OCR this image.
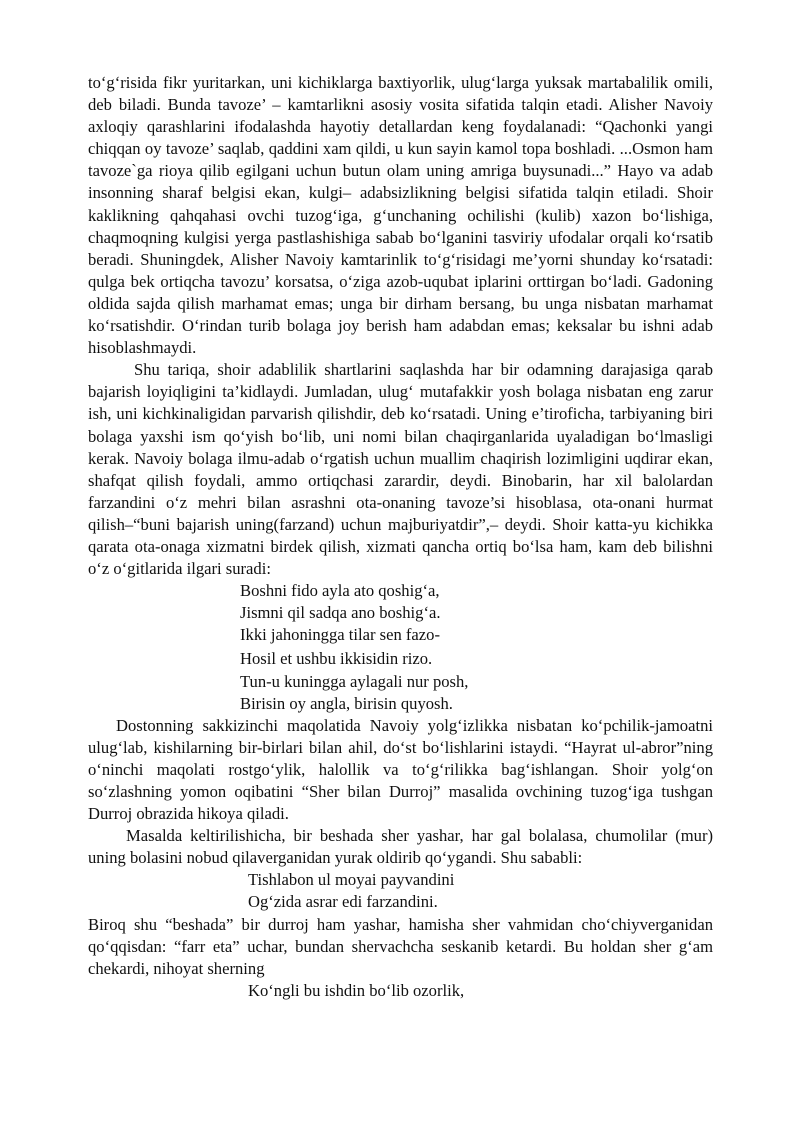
to‘g‘risida fikr yuritarkan, uni kichiklarga baxtiyorlik, ulug‘larga yuksak martabalilik omili, deb biladi. Bunda tavoze’ – kamtarlikni asosiy vosita sifatida talqin etadi. Alisher Navoiy axloqiy qarashlarini ifodalashda hayotiy detallardan keng foydalanadi: “Qachonki yangi chiqqan oy tavoze’ saqlab, qaddini xam qildi, u kun sayin kamol topa boshladi. ...Osmon ham tavoze`ga rioya qilib egilgani uchun butun olam uning amriga buysunadi...” Hayo va adab insonning sharaf belgisi ekan, kulgi– adabsizlikning belgisi sifatida talqin etiladi. Shoir kaklikning qahqahasi ovchi tuzog‘iga, g‘unchaning ochilishi (kulib) xazon bo‘lishiga, chaqmoqning kulgisi yerga pastlashishiga sabab bo‘lganini tasviriy ufodalar orqali ko‘rsatib beradi. Shuningdek, Alisher Navoiy kamtarinlik to‘g‘risidagi me’yorni shunday ko‘rsatadi: qulga bek ortiqcha tavozu’ korsatsa, o‘ziga azob-uqubat iplarini orttirgan bo‘ladi. Gadoning oldida sajda qilish marhamat emas; unga bir dirham bersang, bu unga nisbatan marhamat ko‘rsatishdir. O‘rindan turib bolaga joy berish ham adabdan emas; keksalar bu ishni adab hisoblashmaydi.

Shu tariqa, shoir adablilik shartlarini saqlashda har bir odamning darajasiga qarab bajarish loyiqligini ta’kidlaydi. Jumladan, ulug‘ mutafakkir yosh bolaga nisbatan eng zarur ish, uni kichkinaligidan parvarish qilishdir, deb ko‘rsatadi. Uning e’tiroficha, tarbiyaning biri bolaga yaxshi ism qo‘yish bo‘lib, uni nomi bilan chaqirganlarida uyaladigan bo‘lmasligi kerak. Navoiy bolaga ilmu-adab o‘rgatish uchun muallim chaqirish lozimligini uqdirar ekan, shafqat qilish foydali, ammo ortiqchasi zarardir, deydi. Binobarin, har xil balolardan farzandini o‘z mehri bilan asrashni ota-onaning tavoze’si hisoblasa, ota-onani hurmat qilish–“buni bajarish uning(farzand) uchun majburiyatdir”,– deydi. Shoir katta-yu kichikka qarata ota-onaga xizmatni birdek qilish, xizmati qancha ortiq bo‘lsa ham, kam deb bilishni o‘z o‘gitlarida ilgari suradi:

Boshni fido ayla ato qoshig‘a,
Jismni qil sadqa ano boshig‘a.
Ikki jahoningga tilar sen fazo-
Hosil et ushbu ikkisidin rizo.
Tun-u kuningga aylagali nur posh,
Birisin oy angla, birisin quyosh.

Dostonning sakkizinchi maqolatida Navoiy yolg‘izlikka nisbatan ko‘pchilik-jamoatni ulug‘lab, kishilarning bir-birlari bilan ahil, do‘st bo‘lishlarini istaydi. “Hayrat ul-abror”ning o‘ninchi maqolati rostgo‘ylik, halollik va to‘g‘rilikka bag‘ishlangan. Shoir yolg‘on so‘zlashning yomon oqibatini “Sher bilan Durroj” masalida ovchining tuzog‘iga tushgan Durroj obrazida hikoya qiladi.

Masalda keltirilishicha, bir beshada sher yashar, har gal bolalasa, chumolilar (mur) uning bolasini nobud qilaverganidan yurak oldirib qo‘ygandi. Shu sababli:

Tishlabon ul moyai payvandini
Og‘zida asrar edi farzandini.

Biroq shu “beshada” bir durroj ham yashar, hamisha sher vahmidan cho‘chiyverganidan qo‘qqisdan: “farr eta” uchar, bundan shervachcha seskanib ketardi. Bu holdan sher g‘am chekardi, nihoyat sherning

Ko‘ngli bu ishdin bo‘lib ozorlik,
